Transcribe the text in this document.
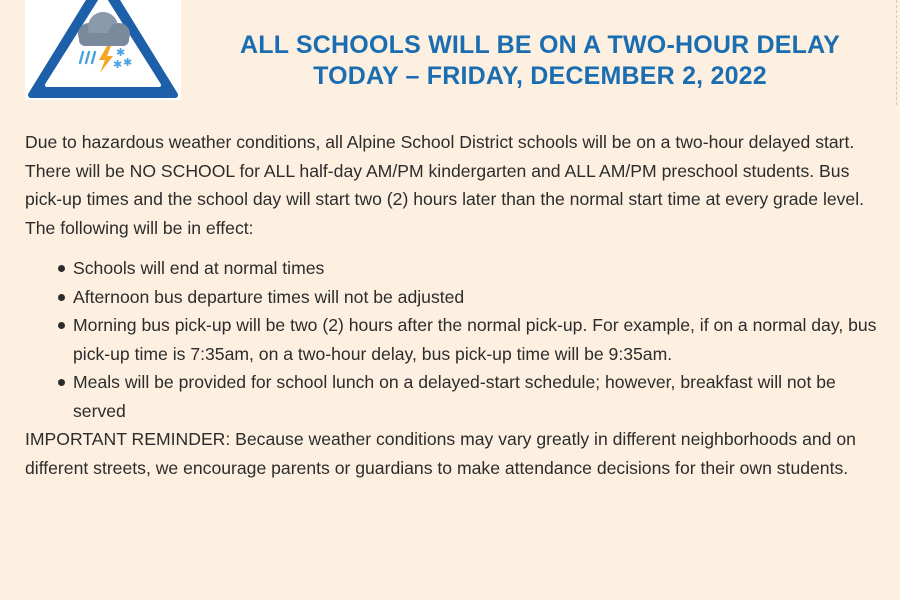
✱
✱
✱
ALL SCHOOLS WILL BE ON A TWO-HOUR DELAY
TODAY – FRIDAY, DECEMBER 2, 2022

Due to hazardous weather conditions, all Alpine School District schools will be on a two-hour delayed start. There will be NO SCHOOL for ALL half-day AM/PM kindergarten and ALL AM/PM preschool students. Bus pick-up times and the school day will start two (2) hours later than the normal start time at every grade level.

The following will be in effect:

Schools will end at normal times
Afternoon bus departure times will not be adjusted
Morning bus pick-up will be two (2) hours after the normal pick-up. For example, if on a normal day, bus pick-up time is 7:35am, on a two-hour delay, bus pick-up time will be 9:35am.
Meals will be provided for school lunch on a delayed-start schedule; however, breakfast will not be served

IMPORTANT REMINDER: Because weather conditions may vary greatly in different neighborhoods and on different streets, we encourage parents or guardians to make attendance decisions for their own students.
